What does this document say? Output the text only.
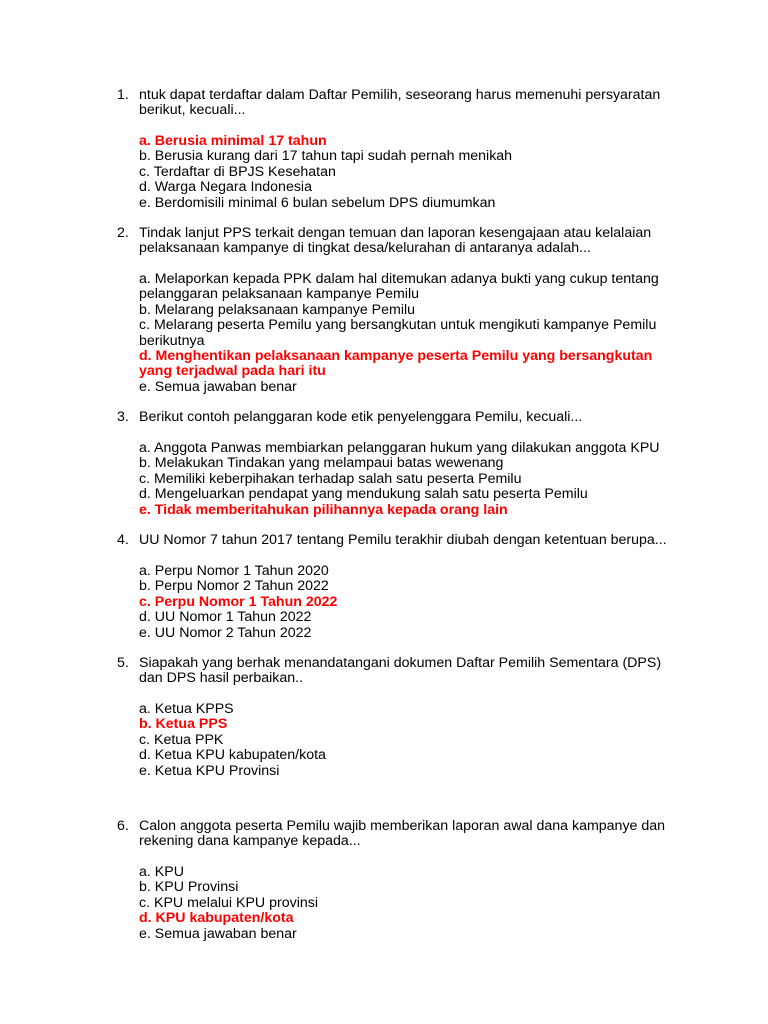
1. ntuk dapat terdaftar dalam Daftar Pemilih, seseorang harus memenuhi persyaratan
berikut, kecuali...
a. Berusia minimal 17 tahun
b. Berusia kurang dari 17 tahun tapi sudah pernah menikah
c. Terdaftar di BPJS Kesehatan
d. Warga Negara Indonesia
e. Berdomisili minimal 6 bulan sebelum DPS diumumkan
2. Tindak lanjut PPS terkait dengan temuan dan laporan kesengajaan atau kelalaian
pelaksanaan kampanye di tingkat desa/kelurahan di antaranya adalah...
a. Melaporkan kepada PPK dalam hal ditemukan adanya bukti yang cukup tentang
pelanggaran pelaksanaan kampanye Pemilu
b. Melarang pelaksanaan kampanye Pemilu
c. Melarang peserta Pemilu yang bersangkutan untuk mengikuti kampanye Pemilu
berikutnya
d. Menghentikan pelaksanaan kampanye peserta Pemilu yang bersangkutan
yang terjadwal pada hari itu
e. Semua jawaban benar
3. Berikut contoh pelanggaran kode etik penyelenggara Pemilu, kecuali...
a. Anggota Panwas membiarkan pelanggaran hukum yang dilakukan anggota KPU
b. Melakukan Tindakan yang melampaui batas wewenang
c. Memiliki keberpihakan terhadap salah satu peserta Pemilu
d. Mengeluarkan pendapat yang mendukung salah satu peserta Pemilu
e. Tidak memberitahukan pilihannya kepada orang lain
4. UU Nomor 7 tahun 2017 tentang Pemilu terakhir diubah dengan ketentuan berupa...
a. Perpu Nomor 1 Tahun 2020
b. Perpu Nomor 2 Tahun 2022
c. Perpu Nomor 1 Tahun 2022
d. UU Nomor 1 Tahun 2022
e. UU Nomor 2 Tahun 2022
5. Siapakah yang berhak menandatangani dokumen Daftar Pemilih Sementara (DPS)
dan DPS hasil perbaikan..
a. Ketua KPPS
b. Ketua PPS
c. Ketua PPK
d. Ketua KPU kabupaten/kota
e. Ketua KPU Provinsi
6. Calon anggota peserta Pemilu wajib memberikan laporan awal dana kampanye dan
rekening dana kampanye kepada...
a. KPU
b. KPU Provinsi
c. KPU melalui KPU provinsi
d. KPU kabupaten/kota
e. Semua jawaban benar
